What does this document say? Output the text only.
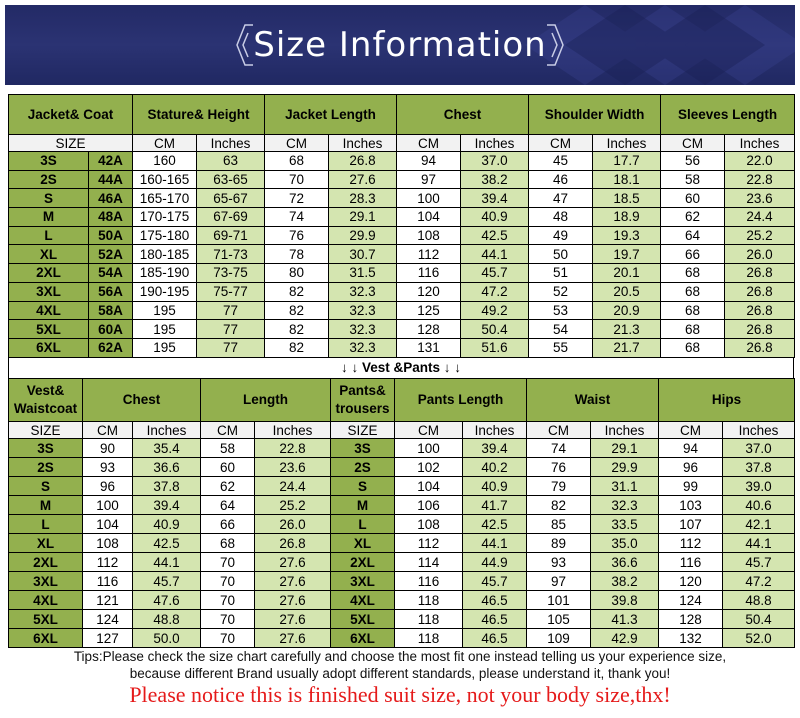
Size Information
Jacket& Coat		Stature& Height		Jacket Length		Chest		Shoulder Width		Sleeves Length	
SIZE		CM	Inches	CM	Inches	CM	Inches	CM	Inches	CM	Inches
3S	42A	160	63	68	26.8	94	37.0	45	17.7	56	22.0
2S	44A	160-165	63-65	70	27.6	97	38.2	46	18.1	58	22.8
S	46A	165-170	65-67	72	28.3	100	39.4	47	18.5	60	23.6
M	48A	170-175	67-69	74	29.1	104	40.9	48	18.9	62	24.4
L	50A	175-180	69-71	76	29.9	108	42.5	49	19.3	64	25.2
XL	52A	180-185	71-73	78	30.7	112	44.1	50	19.7	66	26.0
2XL	54A	185-190	73-75	80	31.5	116	45.7	51	20.1	68	26.8
3XL	56A	190-195	75-77	82	32.3	120	47.2	52	20.5	68	26.8
4XL	58A	195	77	82	32.3	125	49.2	53	20.9	68	26.8
5XL	60A	195	77	82	32.3	128	50.4	54	21.3	68	26.8
6XL	62A	195	77	82	32.3	131	51.6	55	21.7	68	26.8
↓ ↓ Vest &Pants ↓ ↓
Vest& Waistcoat	Chest		Length		Pants& trousers	Pants Length		Waist		Hips	
SIZE	CM	Inches	CM	Inches	SIZE	CM	Inches	CM	Inches	CM	Inches
3S	90	35.4	58	22.8	3S	100	39.4	74	29.1	94	37.0
2S	93	36.6	60	23.6	2S	102	40.2	76	29.9	96	37.8
S	96	37.8	62	24.4	S	104	40.9	79	31.1	99	39.0
M	100	39.4	64	25.2	M	106	41.7	82	32.3	103	40.6
L	104	40.9	66	26.0	L	108	42.5	85	33.5	107	42.1
XL	108	42.5	68	26.8	XL	112	44.1	89	35.0	112	44.1
2XL	112	44.1	70	27.6	2XL	114	44.9	93	36.6	116	45.7
3XL	116	45.7	70	27.6	3XL	116	45.7	97	38.2	120	47.2
4XL	121	47.6	70	27.6	4XL	118	46.5	101	39.8	124	48.8
5XL	124	48.8	70	27.6	5XL	118	46.5	105	41.3	128	50.4
6XL	127	50.0	70	27.6	6XL	118	46.5	109	42.9	132	52.0
Tips:Please check the size chart carefully and choose the most fit one instead telling us your experience size,
because different Brand usually adopt different standards, please understand it, thank you!
Please notice this is finished suit size, not your body size,thx!
